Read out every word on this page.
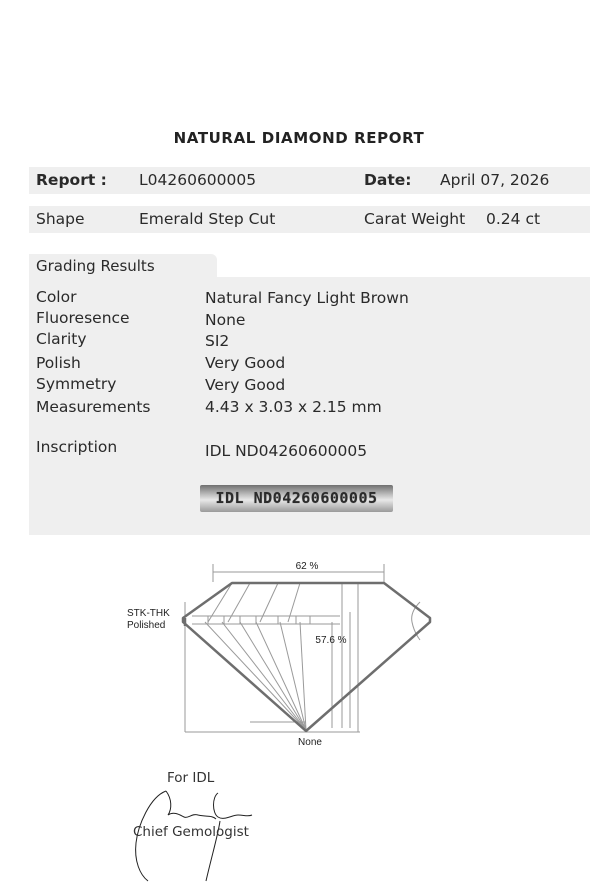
NATURAL DIAMOND REPORT
Report : L04260600005	Date: April 07, 2026
Shape	Emerald Step Cut	Carat Weight 0.24 ct
Grading Results
Color	Natural Fancy Light Brown
Fluoresence	None
Clarity	SI2
Polish	Very Good
Symmetry	Very Good
Measurements	4.43 x 3.03 x 2.15 mm
Inscription	IDL ND04260600005
IDL ND04260600005
62 %
57.6 %
STK-THK
Polished
None
For IDL
Chief Gemologist
